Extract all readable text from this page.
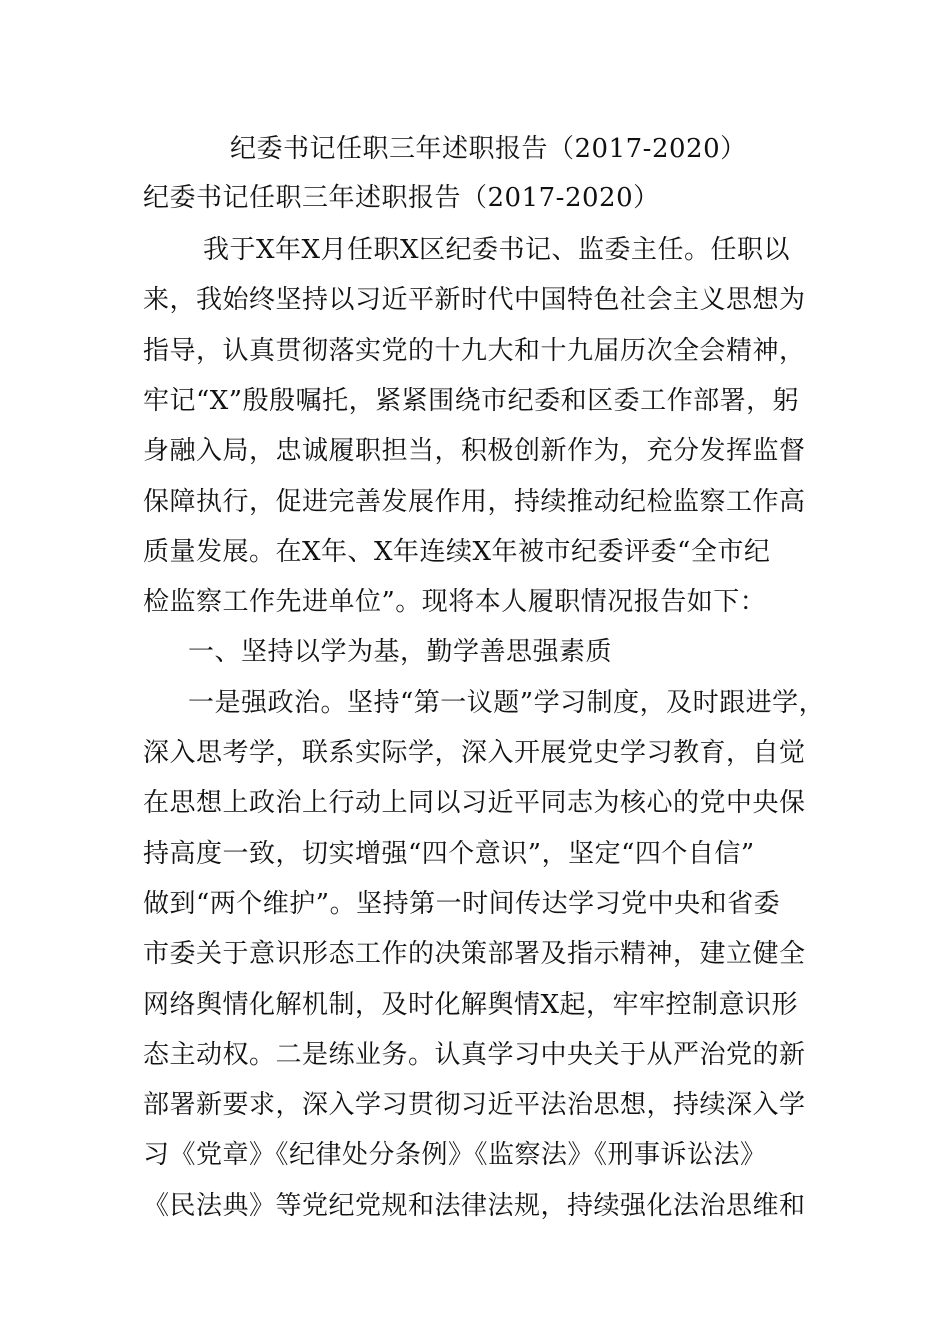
纪委书记任职三年述职报告（2017-2020）
纪委书记任职三年述职报告（2017-2020）
我于X年X月任职X区纪委书记、监委主任。任职以
来，我始终坚持以习近平新时代中国特色社会主义思想为
指导，认真贯彻落实党的十九大和十九届历次全会精神，
牢记“X”殷殷嘱托，紧紧围绕市纪委和区委工作部署，躬
身融入局，忠诚履职担当，积极创新作为，充分发挥监督
保障执行，促进完善发展作用，持续推动纪检监察工作高
质量发展。在X年、X年连续X年被市纪委评委“全市纪
检监察工作先进单位”。现将本人履职情况报告如下：
一、坚持以学为基，勤学善思强素质
一是强政治。坚持“第一议题”学习制度，及时跟进学，
深入思考学，联系实际学，深入开展党史学习教育，自觉
在思想上政治上行动上同以习近平同志为核心的党中央保
持高度一致，切实增强“四个意识”，坚定“四个自信”
做到“两个维护”。坚持第一时间传达学习党中央和省委
市委关于意识形态工作的决策部署及指示精神，建立健全
网络舆情化解机制，及时化解舆情X起，牢牢控制意识形
态主动权。二是练业务。认真学习中央关于从严治党的新
部署新要求，深入学习贯彻习近平法治思想，持续深入学
习《党章》《纪律处分条例》《监察法》《刑事诉讼法》
《民法典》等党纪党规和法律法规，持续强化法治思维和
